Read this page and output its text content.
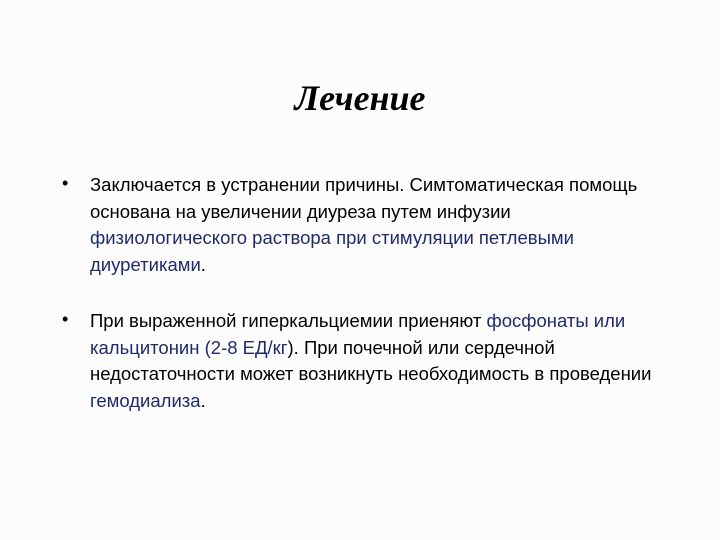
Лечение
• Заключается в устранении причины. Симтоматическая помощь основана на увеличении диуреза путем инфузии физиологического раствора при стимуляции петлевыми диуретиками.
• При выраженной гиперкальциемии приеняют фосфонаты или кальцитонин (2-8 ЕД/кг). При почечной или сердечной недостаточности может возникнуть необходимость в проведении гемодиализа.
